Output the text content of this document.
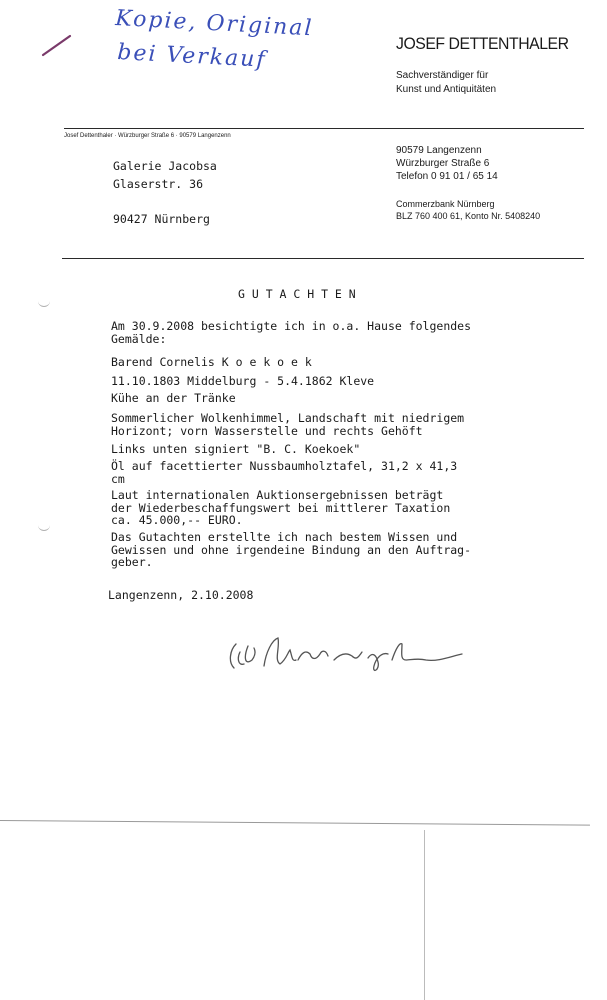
Kopie, Original
bei Verkauf	JOSEF DETTENTHALER
Sachverständiger für
Kunst und Antiquitäten
Josef Dettenthaler · Würzburger Straße 6 · 90579 Langenzenn
Galerie Jacobsa
Glaserstr. 36
90427 Nürnberg
90579 Langenzenn
Würzburger Straße 6
Telefon 0 91 01 / 65 14
Commerzbank Nürnberg
BLZ 760 400 61, Konto Nr. 5408240
G U T A C H T E N
Am 30.9.2008 besichtigte ich in o.a. Hause folgendes
Gemälde:
Barend Cornelis K o e k o e k
11.10.1803 Middelburg - 5.4.1862 Kleve
Kühe an der Tränke
Sommerlicher Wolkenhimmel, Landschaft mit niedrigem
Horizont; vorn Wasserstelle und rechts Gehöft
Links unten signiert "B. C. Koekoek"
Öl auf facettierter Nussbaumholztafel, 31,2 x 41,3
cm
Laut internationalen Auktionsergebnissen beträgt
der Wiederbeschaffungswert bei mittlerer Taxation
ca. 45.000,-- EURO.
Das Gutachten erstellte ich nach bestem Wissen und
Gewissen und ohne irgendeine Bindung an den Auftrag-
geber.
Langenzenn, 2.10.2008
